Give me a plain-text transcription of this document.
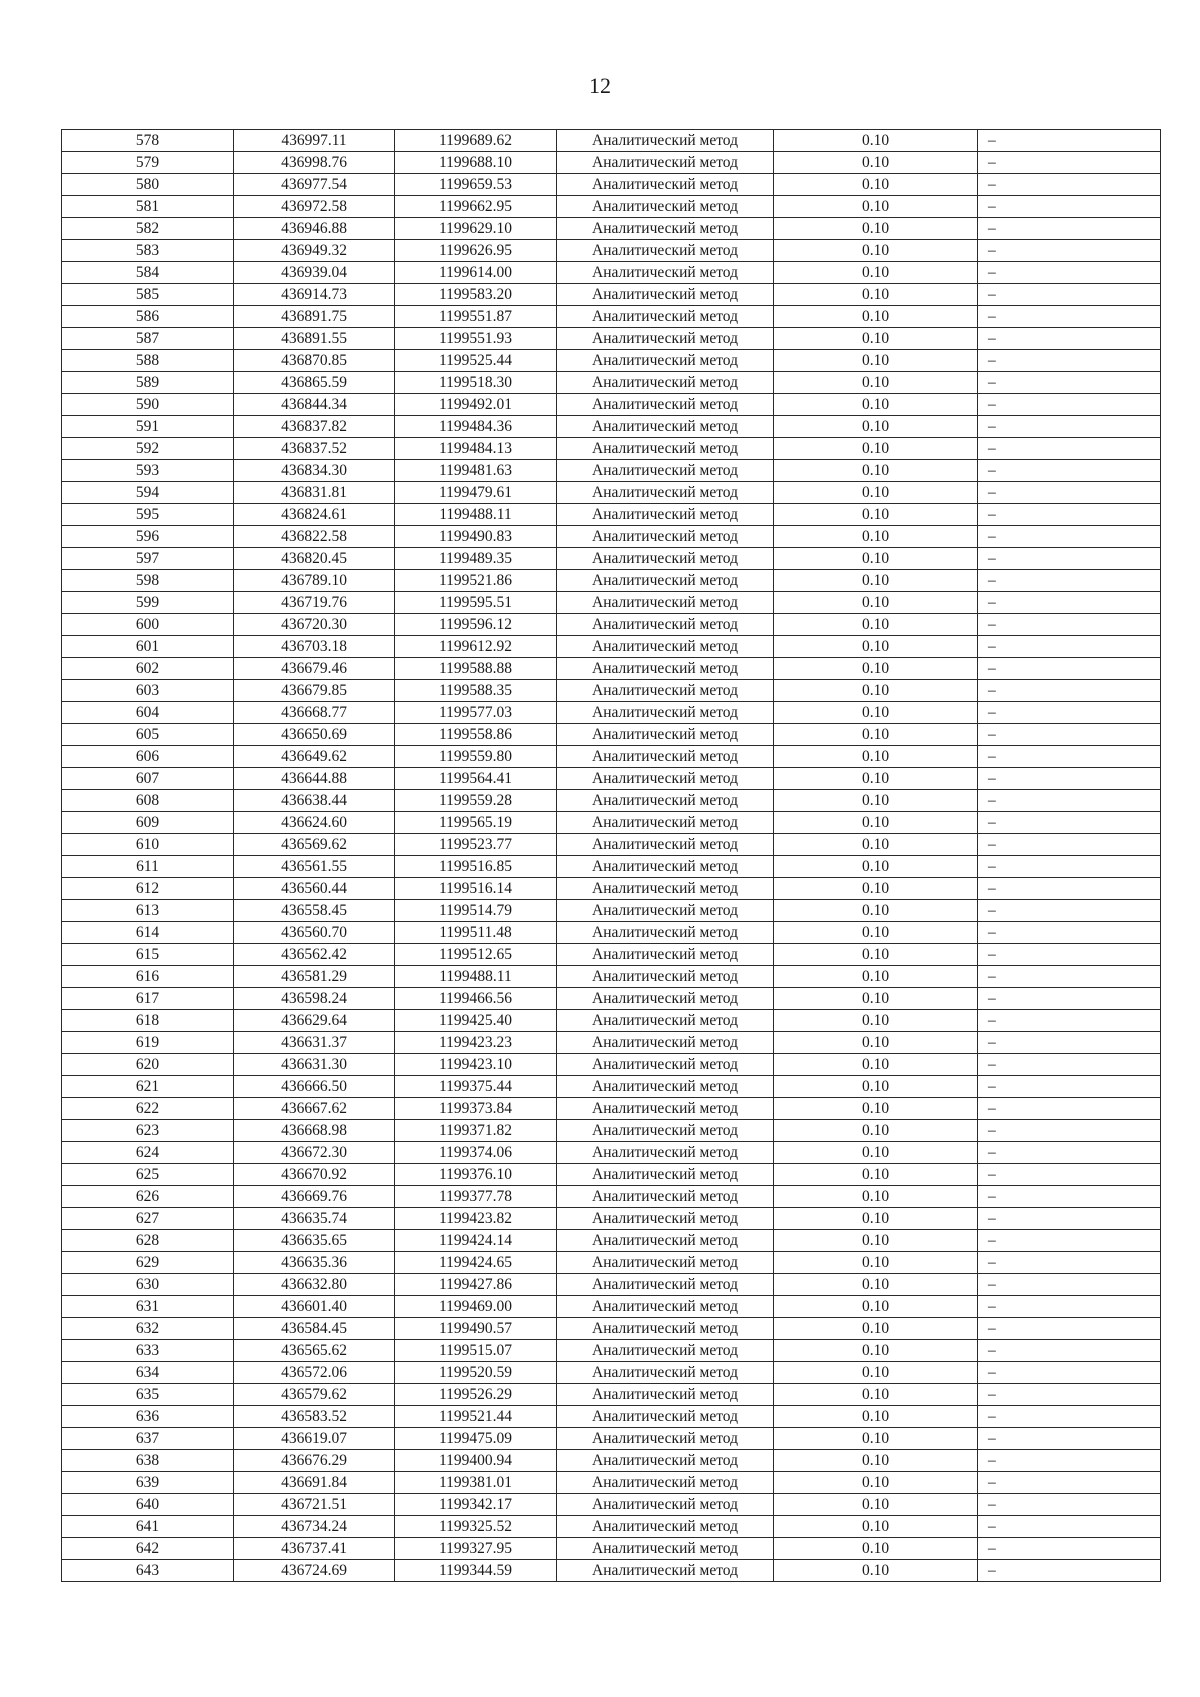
12
578	436997.11	1199689.62	Аналитический метод	0.10	–
579	436998.76	1199688.10	Аналитический метод	0.10	–
580	436977.54	1199659.53	Аналитический метод	0.10	–
581	436972.58	1199662.95	Аналитический метод	0.10	–
582	436946.88	1199629.10	Аналитический метод	0.10	–
583	436949.32	1199626.95	Аналитический метод	0.10	–
584	436939.04	1199614.00	Аналитический метод	0.10	–
585	436914.73	1199583.20	Аналитический метод	0.10	–
586	436891.75	1199551.87	Аналитический метод	0.10	–
587	436891.55	1199551.93	Аналитический метод	0.10	–
588	436870.85	1199525.44	Аналитический метод	0.10	–
589	436865.59	1199518.30	Аналитический метод	0.10	–
590	436844.34	1199492.01	Аналитический метод	0.10	–
591	436837.82	1199484.36	Аналитический метод	0.10	–
592	436837.52	1199484.13	Аналитический метод	0.10	–
593	436834.30	1199481.63	Аналитический метод	0.10	–
594	436831.81	1199479.61	Аналитический метод	0.10	–
595	436824.61	1199488.11	Аналитический метод	0.10	–
596	436822.58	1199490.83	Аналитический метод	0.10	–
597	436820.45	1199489.35	Аналитический метод	0.10	–
598	436789.10	1199521.86	Аналитический метод	0.10	–
599	436719.76	1199595.51	Аналитический метод	0.10	–
600	436720.30	1199596.12	Аналитический метод	0.10	–
601	436703.18	1199612.92	Аналитический метод	0.10	–
602	436679.46	1199588.88	Аналитический метод	0.10	–
603	436679.85	1199588.35	Аналитический метод	0.10	–
604	436668.77	1199577.03	Аналитический метод	0.10	–
605	436650.69	1199558.86	Аналитический метод	0.10	–
606	436649.62	1199559.80	Аналитический метод	0.10	–
607	436644.88	1199564.41	Аналитический метод	0.10	–
608	436638.44	1199559.28	Аналитический метод	0.10	–
609	436624.60	1199565.19	Аналитический метод	0.10	–
610	436569.62	1199523.77	Аналитический метод	0.10	–
611	436561.55	1199516.85	Аналитический метод	0.10	–
612	436560.44	1199516.14	Аналитический метод	0.10	–
613	436558.45	1199514.79	Аналитический метод	0.10	–
614	436560.70	1199511.48	Аналитический метод	0.10	–
615	436562.42	1199512.65	Аналитический метод	0.10	–
616	436581.29	1199488.11	Аналитический метод	0.10	–
617	436598.24	1199466.56	Аналитический метод	0.10	–
618	436629.64	1199425.40	Аналитический метод	0.10	–
619	436631.37	1199423.23	Аналитический метод	0.10	–
620	436631.30	1199423.10	Аналитический метод	0.10	–
621	436666.50	1199375.44	Аналитический метод	0.10	–
622	436667.62	1199373.84	Аналитический метод	0.10	–
623	436668.98	1199371.82	Аналитический метод	0.10	–
624	436672.30	1199374.06	Аналитический метод	0.10	–
625	436670.92	1199376.10	Аналитический метод	0.10	–
626	436669.76	1199377.78	Аналитический метод	0.10	–
627	436635.74	1199423.82	Аналитический метод	0.10	–
628	436635.65	1199424.14	Аналитический метод	0.10	–
629	436635.36	1199424.65	Аналитический метод	0.10	–
630	436632.80	1199427.86	Аналитический метод	0.10	–
631	436601.40	1199469.00	Аналитический метод	0.10	–
632	436584.45	1199490.57	Аналитический метод	0.10	–
633	436565.62	1199515.07	Аналитический метод	0.10	–
634	436572.06	1199520.59	Аналитический метод	0.10	–
635	436579.62	1199526.29	Аналитический метод	0.10	–
636	436583.52	1199521.44	Аналитический метод	0.10	–
637	436619.07	1199475.09	Аналитический метод	0.10	–
638	436676.29	1199400.94	Аналитический метод	0.10	–
639	436691.84	1199381.01	Аналитический метод	0.10	–
640	436721.51	1199342.17	Аналитический метод	0.10	–
641	436734.24	1199325.52	Аналитический метод	0.10	–
642	436737.41	1199327.95	Аналитический метод	0.10	–
643	436724.69	1199344.59	Аналитический метод	0.10	–
